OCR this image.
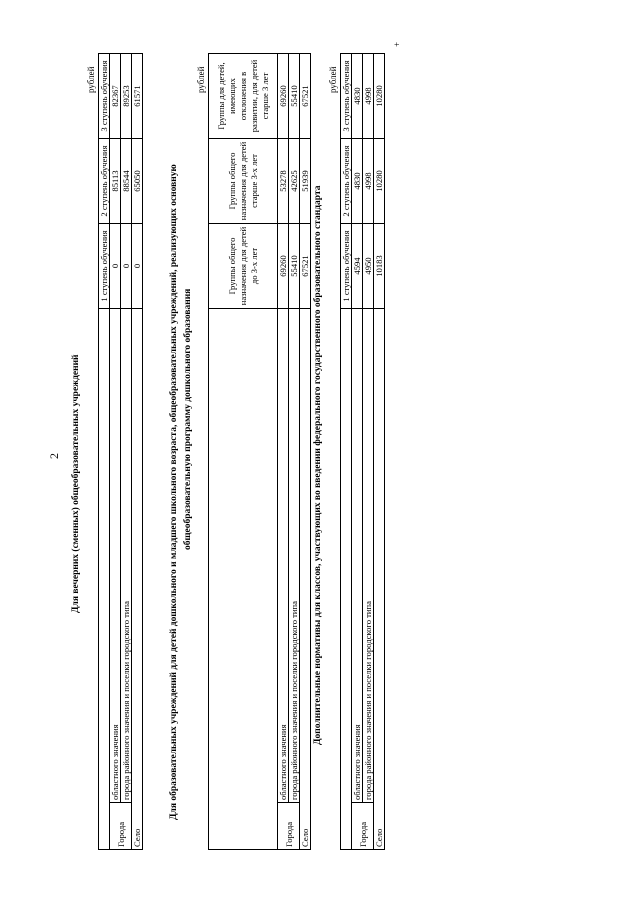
2 Для вечерних (сменных) общеобразовательных учреждений
рублей
		1 ступень обучения	2 ступень обучения	3 ступень обучения
Города	областного значения	0	85113	82367
	города районного значения и поселки городского типа	0	88544	89253
Село		0	65050	61571
Для образовательных учреждений для детей дошкольного и младшего школьного возраста, общеобразовательных учреждений, реализующих основную общеобразовательную программу дошкольного образования
рублей
		Группы общего назначения для детей до 3-х лет	Группы общего назначения для детей старше 3-х лет	Группы для детей, имеющих отклонения в развитии, для детей старше 3 лет
Города	областного значения	69260	53278	69260
	города районного значения и поселки городского типа	55410	42625	55410
Село		67521	51939	67521
Дополнительные нормативы для классов, участвующих во введении федерального государственного образовательного стандарта
рублей
		1 ступень обучения	2 ступень обучения	3 ступень обучения
Города	областного значения	4594	4830	4830
	города районного значения и поселки городского типа	4950	4998	4998
Село		10183	10280	10280
+
